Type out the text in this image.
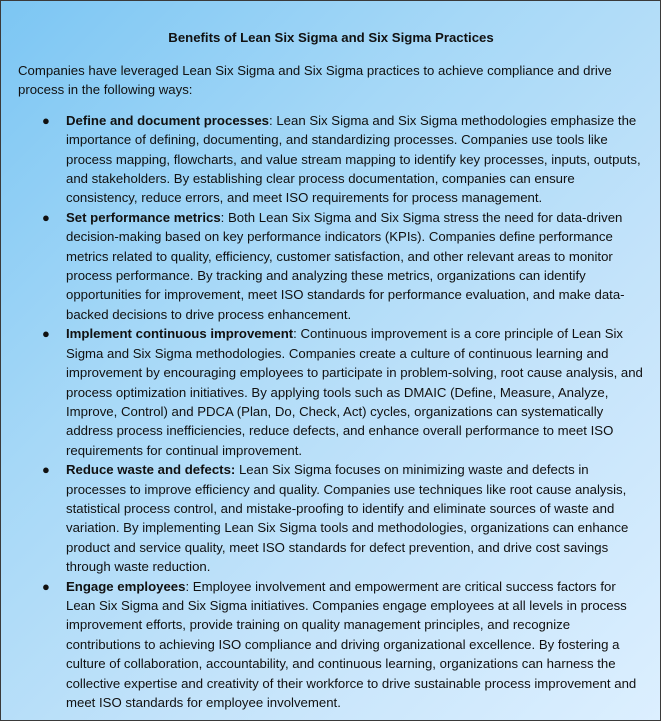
Benefits of Lean Six Sigma and Six Sigma Practices
Companies have leveraged Lean Six Sigma and Six Sigma practices to achieve compliance and drive process in the following ways:
● Define and document processes: Lean Six Sigma and Six Sigma methodologies emphasize the importance of defining, documenting, and standardizing processes. Companies use tools like process mapping, flowcharts, and value stream mapping to identify key processes, inputs, outputs, and stakeholders. By establishing clear process documentation, companies can ensure consistency, reduce errors, and meet ISO requirements for process management.
● Set performance metrics: Both Lean Six Sigma and Six Sigma stress the need for data-driven decision-making based on key performance indicators (KPIs). Companies define performance metrics related to quality, efficiency, customer satisfaction, and other relevant areas to monitor process performance. By tracking and analyzing these metrics, organizations can identify opportunities for improvement, meet ISO standards for performance evaluation, and make data-backed decisions to drive process enhancement.
● Implement continuous improvement: Continuous improvement is a core principle of Lean Six Sigma and Six Sigma methodologies. Companies create a culture of continuous learning and improvement by encouraging employees to participate in problem-solving, root cause analysis, and process optimization initiatives. By applying tools such as DMAIC (Define, Measure, Analyze, Improve, Control) and PDCA (Plan, Do, Check, Act) cycles, organizations can systematically address process inefficiencies, reduce defects, and enhance overall performance to meet ISO requirements for continual improvement.
● Reduce waste and defects: Lean Six Sigma focuses on minimizing waste and defects in processes to improve efficiency and quality. Companies use techniques like root cause analysis, statistical process control, and mistake-proofing to identify and eliminate sources of waste and variation. By implementing Lean Six Sigma tools and methodologies, organizations can enhance product and service quality, meet ISO standards for defect prevention, and drive cost savings through waste reduction.
● Engage employees: Employee involvement and empowerment are critical success factors for Lean Six Sigma and Six Sigma initiatives. Companies engage employees at all levels in process improvement efforts, provide training on quality management principles, and recognize contributions to achieving ISO compliance and driving organizational excellence. By fostering a culture of collaboration, accountability, and continuous learning, organizations can harness the collective expertise and creativity of their workforce to drive sustainable process improvement and meet ISO standards for employee involvement.
